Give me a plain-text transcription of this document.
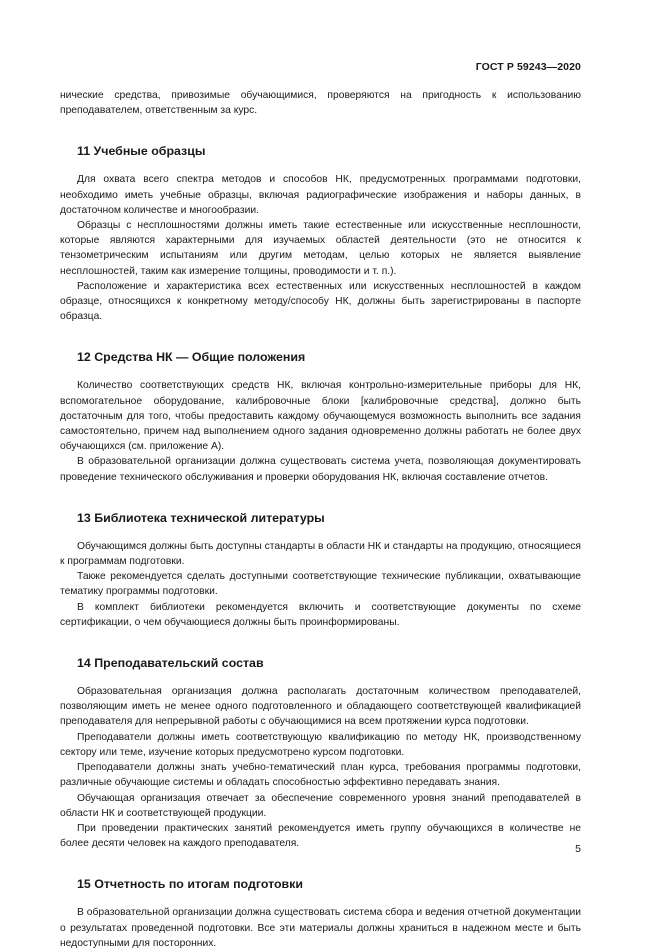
ГОСТ Р 59243—2020

нические средства, привозимые обучающимися, проверяются на пригодность к использованию преподавателем, ответственным за курс.

11 Учебные образцы

Для охвата всего спектра методов и способов НК, предусмотренных программами подготовки, необходимо иметь учебные образцы, включая радиографические изображения и наборы данных, в достаточном количестве и многообразии.

Образцы с несплошностями должны иметь такие естественные или искусственные несплошности, которые являются характерными для изучаемых областей деятельности (это не относится к тензометрическим испытаниям или другим методам, целью которых не является выявление несплошностей, таким как измерение толщины, проводимости и т. п.).

Расположение и характеристика всех естественных или искусственных несплошностей в каждом образце, относящихся к конкретному методу/способу НК, должны быть зарегистрированы в паспорте образца.

12 Средства НК — Общие положения

Количество соответствующих средств НК, включая контрольно-измерительные приборы для НК, вспомогательное оборудование, калибровочные блоки [калибровочные средства], должно быть достаточным для того, чтобы предоставить каждому обучающемуся возможность выполнить все задания самостоятельно, причем над выполнением одного задания одновременно должны работать не более двух обучающихся (см. приложение А).

В образовательной организации должна существовать система учета, позволяющая документировать проведение технического обслуживания и проверки оборудования НК, включая составление отчетов.

13 Библиотека технической литературы

Обучающимся должны быть доступны стандарты в области НК и стандарты на продукцию, относящиеся к программам подготовки.

Также рекомендуется сделать доступными соответствующие технические публикации, охватывающие тематику программы подготовки.

В комплект библиотеки рекомендуется включить и соответствующие документы по схеме сертификации, о чем обучающиеся должны быть проинформированы.

14 Преподавательский состав

Образовательная организация должна располагать достаточным количеством преподавателей, позволяющим иметь не менее одного подготовленного и обладающего соответствующей квалификацией преподавателя для непрерывной работы с обучающимися на всем протяжении курса подготовки.

Преподаватели должны иметь соответствующую квалификацию по методу НК, производственному сектору или теме, изучение которых предусмотрено курсом подготовки.

Преподаватели должны знать учебно-тематический план курса, требования программы подготовки, различные обучающие системы и обладать способностью эффективно передавать знания.

Обучающая организация отвечает за обеспечение современного уровня знаний преподавателей в области НК и соответствующей продукции.

При проведении практических занятий рекомендуется иметь группу обучающихся в количестве не более десяти человек на каждого преподавателя.

15 Отчетность по итогам подготовки

В образовательной организации должна существовать система сбора и ведения отчетной документации о результатах проведенной подготовки. Все эти материалы должны храниться в надежном месте и быть недоступными для посторонних.

5
